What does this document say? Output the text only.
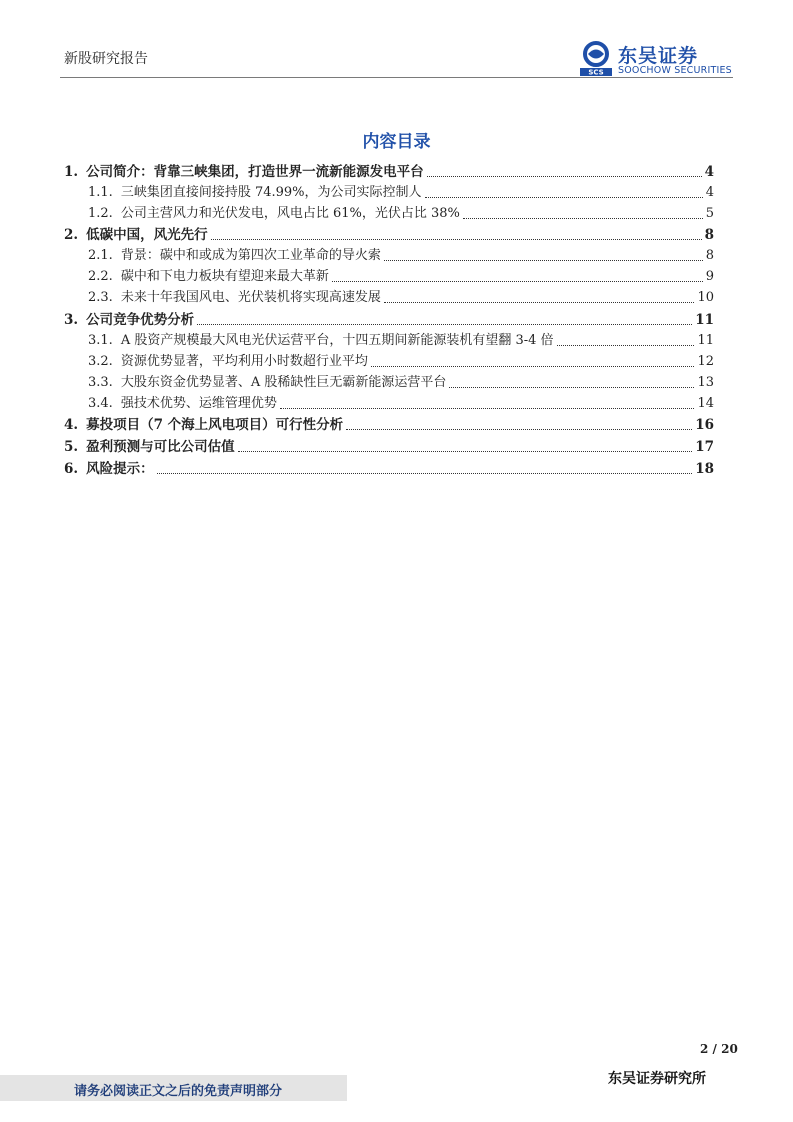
新股研究报告
SCS
东吴证券
SOOCHOW SECURITIES
内容目录
1. 公司简介：背靠三峡集团，打造世界一流新能源发电平台	4
1.1. 三峡集团直接间接持股 74.99%，为公司实际控制人	4
1.2. 公司主营风力和光伏发电，风电占比 61%，光伏占比 38%	5
2. 低碳中国，风光先行	8
2.1. 背景：碳中和或成为第四次工业革命的导火索	8
2.2. 碳中和下电力板块有望迎来最大革新	9
2.3. 未来十年我国风电、光伏装机将实现高速发展	10
3. 公司竞争优势分析	11
3.1. A 股资产规模最大风电光伏运营平台，十四五期间新能源装机有望翻 3-4 倍	11
3.2. 资源优势显著，平均利用小时数超行业平均	12
3.3. 大股东资金优势显著、A 股稀缺性巨无霸新能源运营平台	13
3.4. 强技术优势、运维管理优势	14
4. 募投项目（7 个海上风电项目）可行性分析	16
5. 盈利预测与可比公司估值	17
6. 风险提示：	18
2 / 20
请务必阅读正文之后的免责声明部分
东吴证券研究所
